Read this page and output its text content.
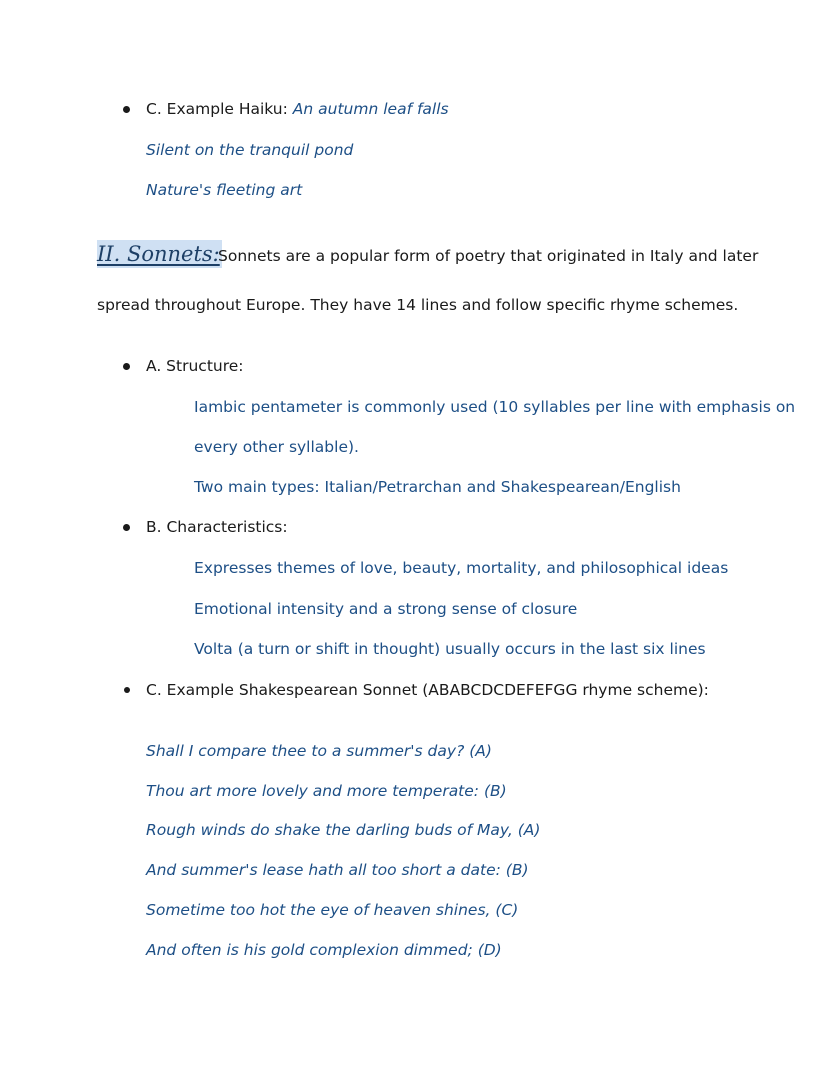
C. Example Haiku: An autumn leaf falls
Silent on the tranquil pond
Nature's fleeting art
II. Sonnets:
Sonnets are a popular form of poetry that originated in Italy and later
spread throughout Europe. They have 14 lines and follow specific rhyme schemes.
A. Structure:
Iambic pentameter is commonly used (10 syllables per line with emphasis on
every other syllable).
Two main types: Italian/Petrarchan and Shakespearean/English
B. Characteristics:
Expresses themes of love, beauty, mortality, and philosophical ideas
Emotional intensity and a strong sense of closure
Volta (a turn or shift in thought) usually occurs in the last six lines
C. Example Shakespearean Sonnet (ABABCDCDEFEFGG rhyme scheme):
Shall I compare thee to a summer's day? (A)
Thou art more lovely and more temperate: (B)
Rough winds do shake the darling buds of May, (A)
And summer's lease hath all too short a date: (B)
Sometime too hot the eye of heaven shines, (C)
And often is his gold complexion dimmed; (D)
